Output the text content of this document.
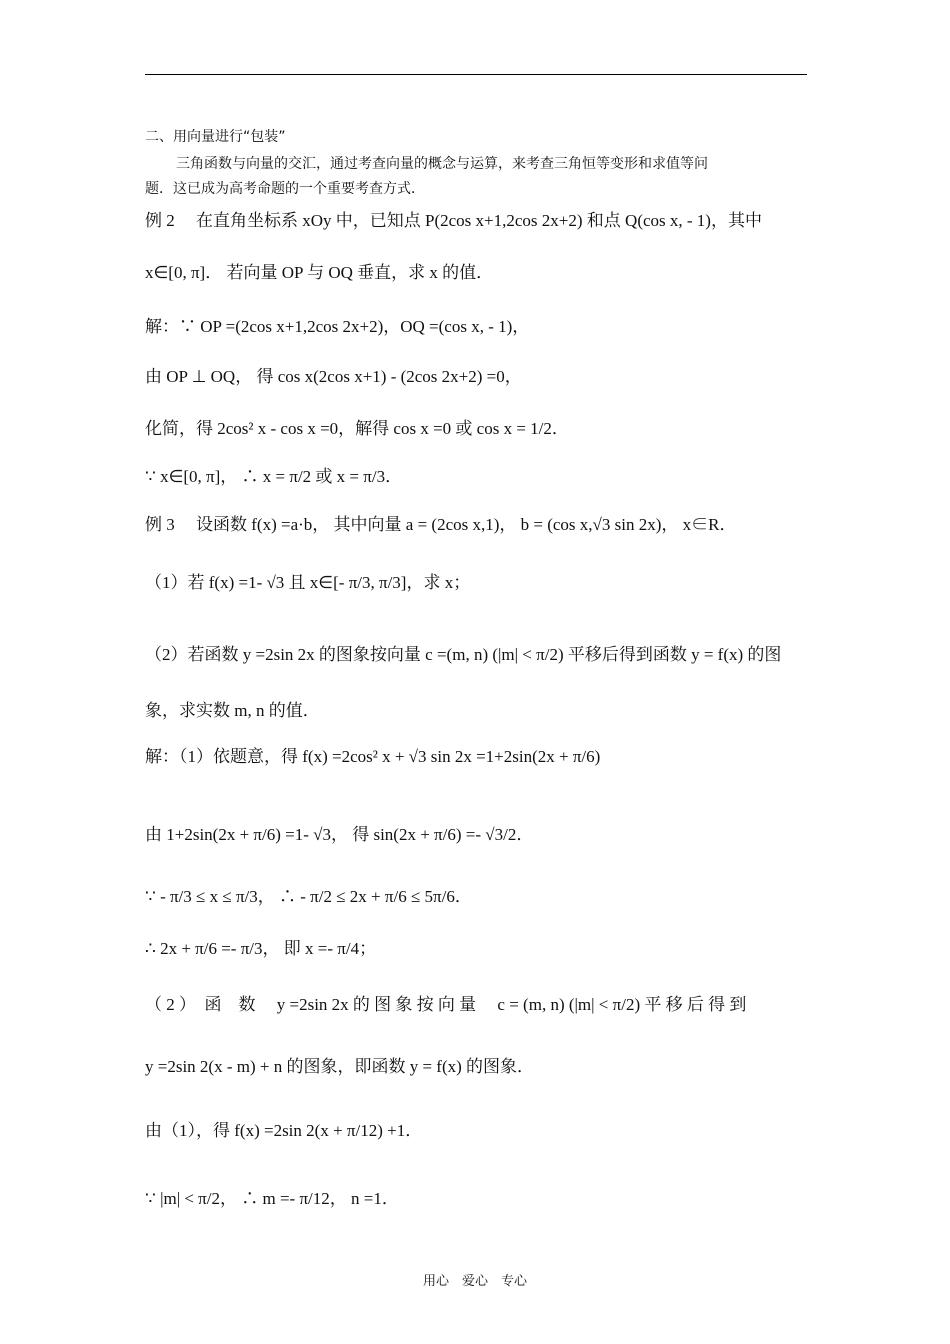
二、用向量进行“包装”
三角函数与向量的交汇，通过考查向量的概念与运算，来考查三角恒等变形和求值等问
题．这已成为高考命题的一个重要考查方式．
例 2　 在直角坐标系 xOy 中，已知点 P(2cos x+1,2cos 2x+2) 和点 Q(cos x, - 1)，其中
x∈[0, π]． 若向量 OP 与 OQ 垂直，求 x 的值．
解：∵ OP =(2cos x+1,2cos 2x+2)，OQ =(cos x, - 1)，
由 OP ⊥ OQ， 得 cos x(2cos x+1) - (2cos 2x+2) =0，
化简，得 2cos² x - cos x =0，解得 cos x =0 或 cos x = 1/2．
∵ x∈[0, π]， ∴ x = π/2 或 x = π/3．
例 3　 设函数 f(x) =a·b， 其中向量 a = (2cos x,1)， b = (cos x,√3 sin 2x)， x∈R．
（1）若 f(x) =1- √3 且 x∈[- π/3, π/3]，求 x；
（2）若函数 y =2sin 2x 的图象按向量 c =(m, n) (|m| < π/2) 平移后得到函数 y = f(x) 的图
象，求实数 m, n 的值．
解：（1）依题意，得 f(x) =2cos² x + √3 sin 2x =1+2sin(2x + π/6)
由 1+2sin(2x + π/6) =1- √3， 得 sin(2x + π/6) =- √3/2．
∵ - π/3 ≤ x ≤ π/3， ∴ - π/2 ≤ 2x + π/6 ≤ 5π/6．
∴ 2x + π/6 =- π/3， 即 x =- π/4；
（ 2 ）　函　数　 y =2sin 2x 的 图 象 按 向 量　 c = (m, n) (|m| < π/2) 平 移 后 得 到
y =2sin 2(x - m) + n 的图象，即函数 y = f(x) 的图象．
由（1），得 f(x) =2sin 2(x + π/12) +1．
∵ |m| < π/2， ∴ m =- π/12， n =1．
用心　爱心　专心
